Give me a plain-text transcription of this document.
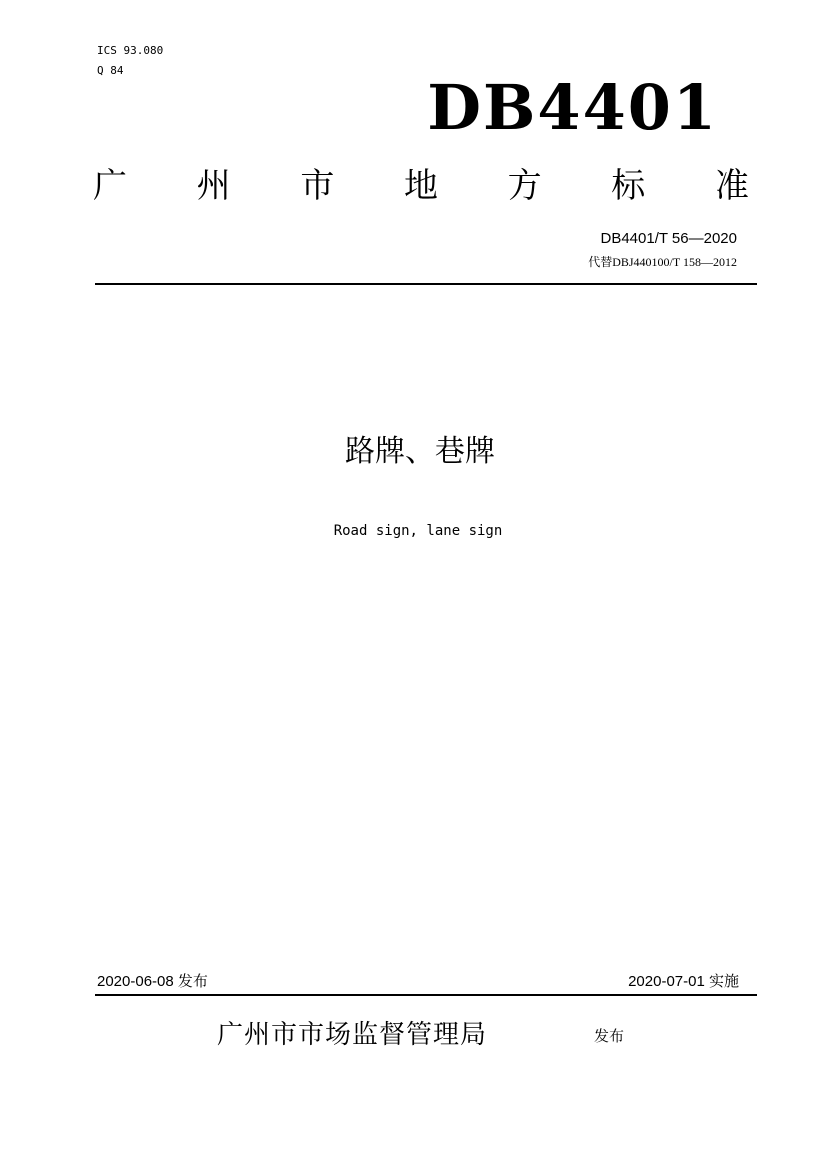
ICS 93.080
Q 84
DB4401
广 州 市 地 方 标 准
DB4401/T 56—2020
代替DBJ440100/T 158—2012
路牌、巷牌
Road sign, lane sign
2020-06-08 发布	2020-07-01 实施
广州市市场监督管理局	发布
